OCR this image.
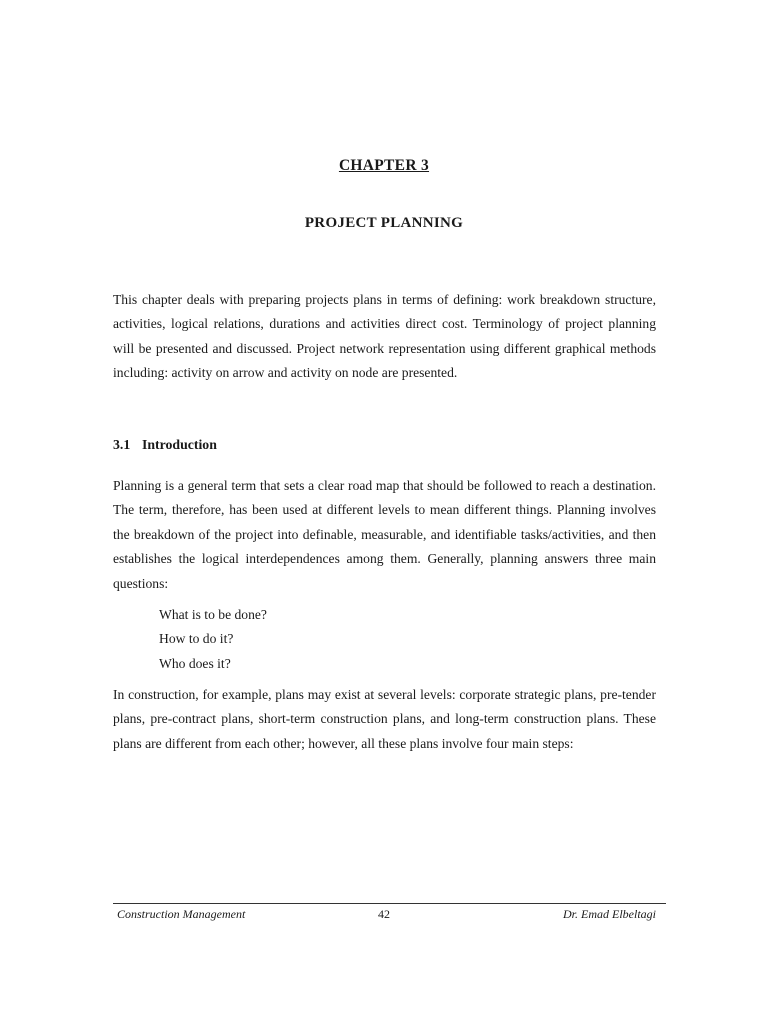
CHAPTER 3
PROJECT PLANNING

This chapter deals with preparing projects plans in terms of defining: work breakdown structure, activities, logical relations, durations and activities direct cost. Terminology of project planning will be presented and discussed. Project network representation using different graphical methods including: activity on arrow and activity on node are presented.

3.1 Introduction

Planning is a general term that sets a clear road map that should be followed to reach a destination. The term, therefore, has been used at different levels to mean different things. Planning involves the breakdown of the project into definable, measurable, and identifiable tasks/activities, and then establishes the logical interdependences among them. Generally, planning answers three main questions:

What is to be done?
How to do it?
Who does it?

In construction, for example, plans may exist at several levels: corporate strategic plans, pre-tender plans, pre-contract plans, short-term construction plans, and long-term construction plans. These plans are different from each other; however, all these plans involve four main steps:

Construction Management	42	Dr. Emad Elbeltagi
